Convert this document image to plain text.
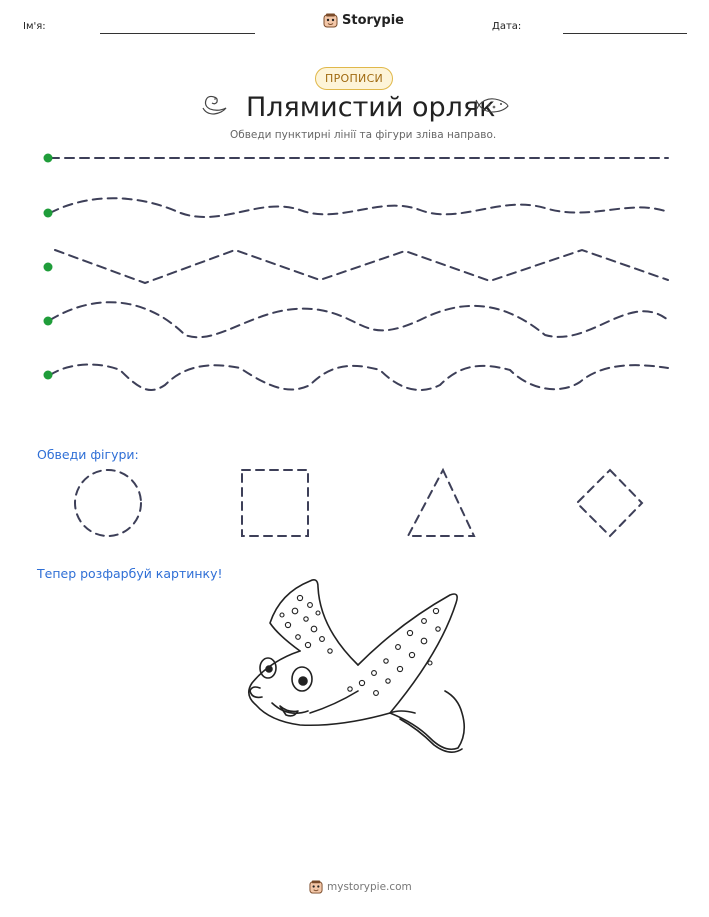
Ім'я:	Storypie	Дата:
ПРОПИСИ
Плямистий орляк
Обведи пунктирні лінії та фігури зліва направо.
Обведи фігури:
Тепер розфарбуй картинку!
mystorypie.com
